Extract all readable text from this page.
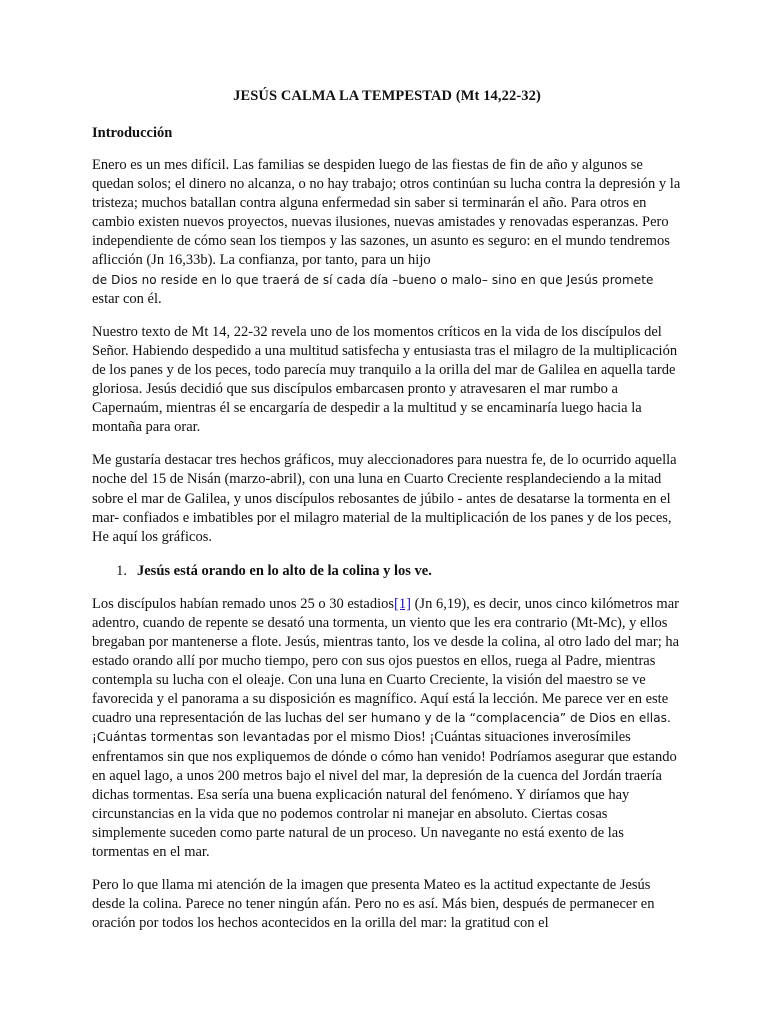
JESÚS CALMA LA TEMPESTAD (Mt 14,22-32)
Introducción

Enero es un mes difícil. Las familias se despiden luego de las fiestas de fin de año y algunos se quedan solos; el dinero no alcanza, o no hay trabajo; otros continúan su lucha contra la depresión y la tristeza; muchos batallan contra alguna enfermedad sin saber si terminarán el año. Para otros en cambio existen nuevos proyectos, nuevas ilusiones, nuevas amistades y renovadas esperanzas. Pero independiente de cómo sean los tiempos y las sazones, un asunto es seguro: en el mundo tendremos aflicción (Jn 16,33b). La confianza, por tanto, para un hijo
de Dios no reside en lo que traerá de sí cada día –bueno o malo– sino en que Jesús promete
estar con él.

Nuestro texto de Mt 14, 22-32 revela uno de los momentos críticos en la vida de los discípulos del Señor. Habiendo despedido a una multitud satisfecha y entusiasta tras el milagro de la multiplicación de los panes y de los peces, todo parecía muy tranquilo a la orilla del mar de Galilea en aquella tarde gloriosa. Jesús decidió que sus discípulos embarcasen pronto y atravesaren el mar rumbo a Capernaúm, mientras él se encargaría de despedir a la multitud y se encaminaría luego hacia la montaña para orar.

Me gustaría destacar tres hechos gráficos, muy aleccionadores para nuestra fe, de lo ocurrido aquella noche del 15 de Nisán (marzo-abril), con una luna en Cuarto Creciente resplandeciendo a la mitad sobre el mar de Galilea, y unos discípulos rebosantes de júbilo - antes de desatarse la tormenta en el mar- confiados e imbatibles por el milagro material de la multiplicación de los panes y de los peces, He aquí los gráficos.

1. Jesús está orando en lo alto de la colina y los ve.

Los discípulos habían remado unos 25 o 30 estadios[1] (Jn 6,19), es decir, unos cinco kilómetros mar adentro, cuando de repente se desató una tormenta, un viento que les era contrario (Mt-Mc), y ellos bregaban por mantenerse a flote. Jesús, mientras tanto, los ve desde la colina, al otro lado del mar; ha estado orando allí por mucho tiempo, pero con sus ojos puestos en ellos, ruega al Padre, mientras contempla su lucha con el oleaje. Con una luna en Cuarto Creciente, la visión del maestro se ve favorecida y el panorama a su disposición es magnífico. Aquí está la lección. Me parece ver en este cuadro una representación de las luchas del ser humano y de la “complacencia” de Dios en ellas. ¡Cuántas tormentas son levantadas por el mismo Dios! ¡Cuántas situaciones inverosímiles enfrentamos sin que nos expliquemos de dónde o cómo han venido! Podríamos asegurar que estando en aquel lago, a unos 200 metros bajo el nivel del mar, la depresión de la cuenca del Jordán traería dichas tormentas. Esa sería una buena explicación natural del fenómeno. Y diríamos que hay circunstancias en la vida que no podemos controlar ni manejar en absoluto. Ciertas cosas simplemente suceden como parte natural de un proceso. Un navegante no está exento de las tormentas en el mar.

Pero lo que llama mi atención de la imagen que presenta Mateo es la actitud expectante de Jesús desde la colina. Parece no tener ningún afán. Pero no es así. Más bien, después de permanecer en oración por todos los hechos acontecidos en la orilla del mar: la gratitud con el
